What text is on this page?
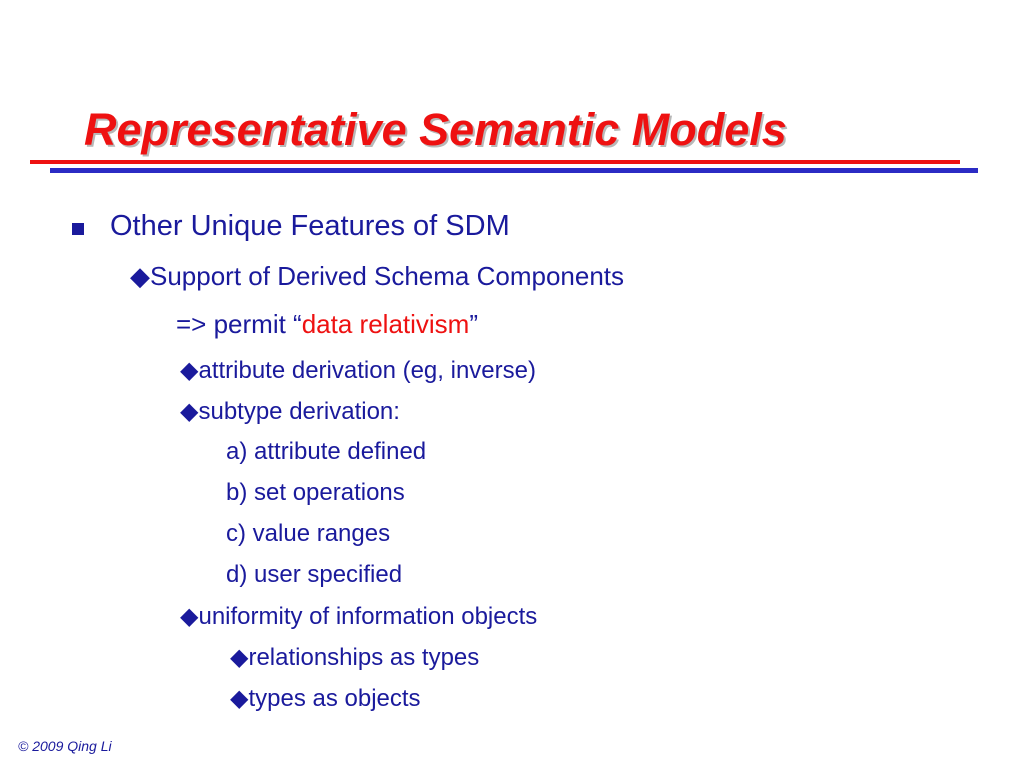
Representative Semantic Models
Other Unique Features of SDM
◆Support of Derived Schema Components
=> permit “data relativism”
◆attribute derivation (eg, inverse)
◆subtype derivation:
a) attribute defined
b) set operations
c) value ranges
d) user specified
◆uniformity of information objects
◆relationships as types
◆types as objects
© 2009 Qing Li
